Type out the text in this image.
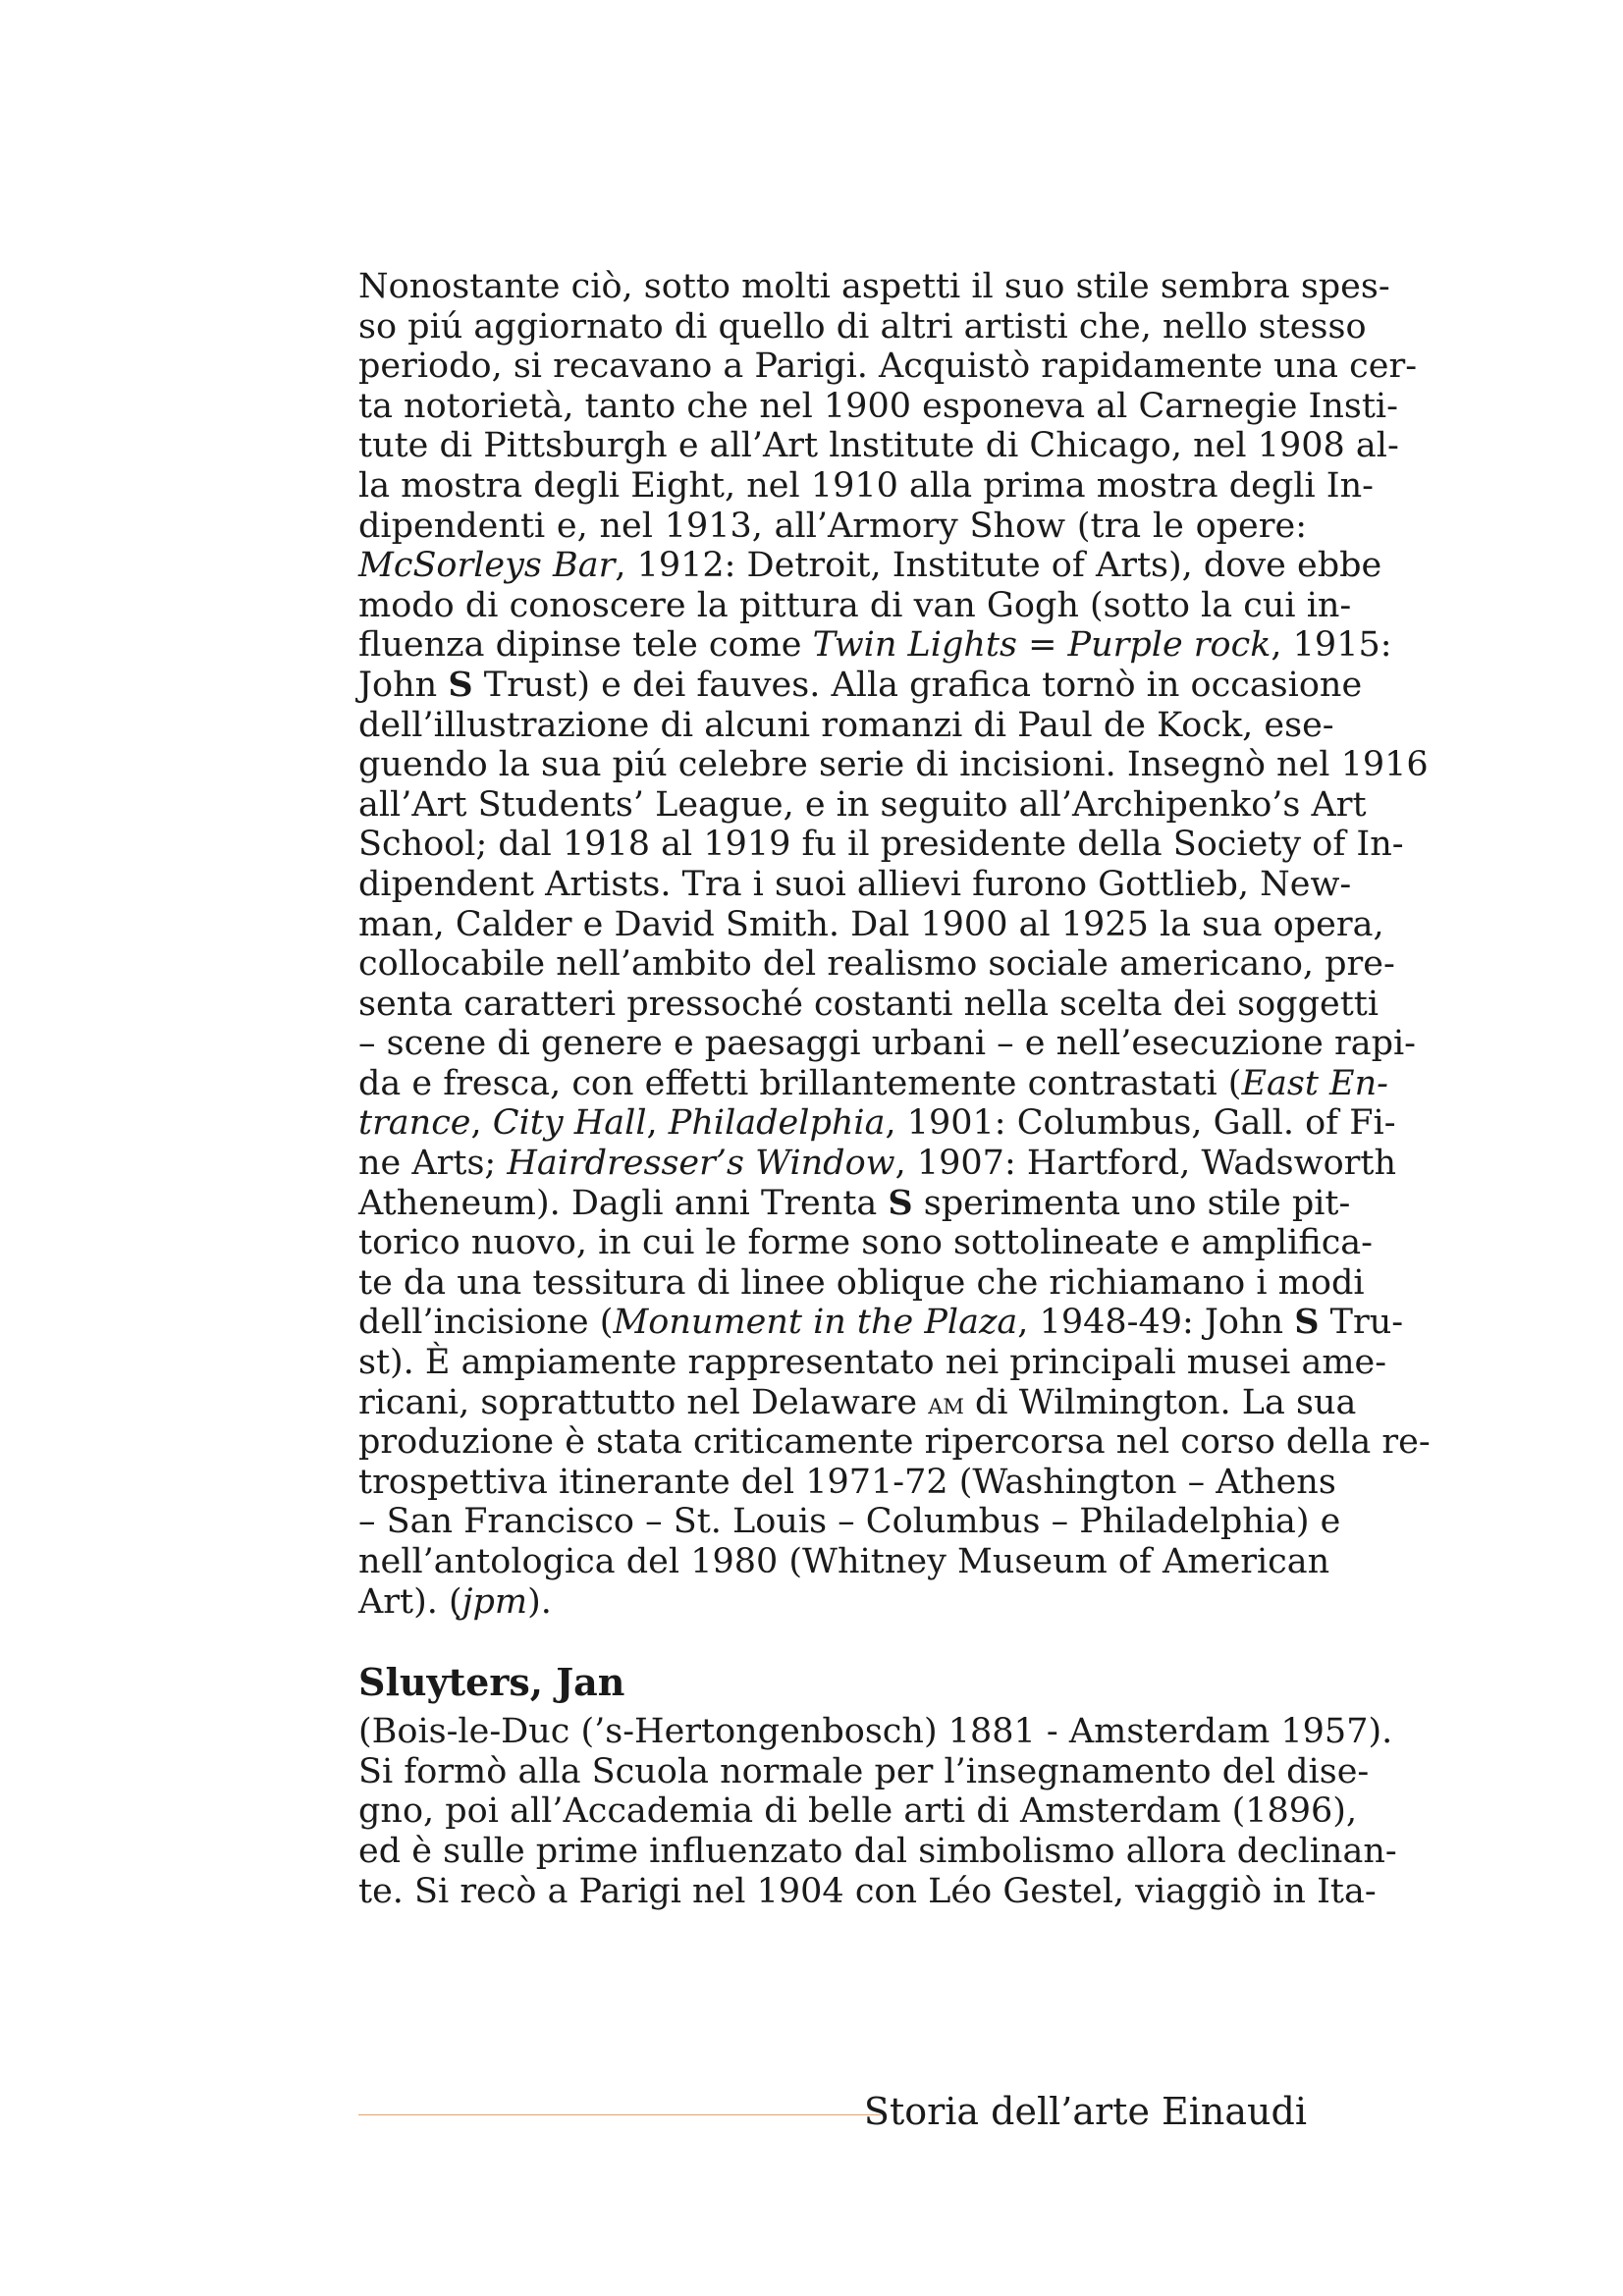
Nonostante ciò, sotto molti aspetti il suo stile sembra spes-
so piú aggiornato di quello di altri artisti che, nello stesso
periodo, si recavano a Parigi. Acquistò rapidamente una cer-
ta notorietà, tanto che nel 1900 esponeva al Carnegie Insti-
tute di Pittsburgh e all’Art lnstitute di Chicago, nel 1908 al-
la mostra degli Eight, nel 1910 alla prima mostra degli In-
dipendenti e, nel 1913, all’Armory Show (tra le opere:
McSorleys Bar, 1912: Detroit, Institute of Arts), dove ebbe
modo di conoscere la pittura di van Gogh (sotto la cui in-
fluenza dipinse tele come Twin Lights = Purple rock, 1915:
John S Trust) e dei fauves. Alla grafica tornò in occasione
dell’illustrazione di alcuni romanzi di Paul de Kock, ese-
guendo la sua piú celebre serie di incisioni. Insegnò nel 1916
all’Art Students’ League, e in seguito all’Archipenko’s Art
School; dal 1918 al 1919 fu il presidente della Society of In-
dipendent Artists. Tra i suoi allievi furono Gottlieb, New-
man, Calder e David Smith. Dal 1900 al 1925 la sua opera,
collocabile nell’ambito del realismo sociale americano, pre-
senta caratteri pressoché costanti nella scelta dei soggetti
– scene di genere e paesaggi urbani – e nell’esecuzione rapi-
da e fresca, con effetti brillantemente contrastati (East En-
trance, City Hall, Philadelphia, 1901: Columbus, Gall. of Fi-
ne Arts; Hairdresser’s Window, 1907: Hartford, Wadsworth
Atheneum). Dagli anni Trenta S sperimenta uno stile pit-
torico nuovo, in cui le forme sono sottolineate e amplifica-
te da una tessitura di linee oblique che richiamano i modi
dell’incisione (Monument in the Plaza, 1948-49: John S Tru-
st). È ampiamente rappresentato nei principali musei ame-
ricani, soprattutto nel Delaware am di Wilmington. La sua
produzione è stata criticamente ripercorsa nel corso della re-
trospettiva itinerante del 1971-72 (Washington – Athens
– San Francisco – St. Louis – Columbus – Philadelphia) e
nell’antologica del 1980 (Whitney Museum of American
Art). (jpm).
Sluyters, Jan
(Bois-le-Duc (’s-Hertongenbosch) 1881 - Amsterdam 1957).
Si formò alla Scuola normale per l’insegnamento del dise-
gno, poi all’Accademia di belle arti di Amsterdam (1896),
ed è sulle prime influenzato dal simbolismo allora declinan-
te. Si recò a Parigi nel 1904 con Léo Gestel, viaggiò in Ita-
Storia dell’arte Einaudi
